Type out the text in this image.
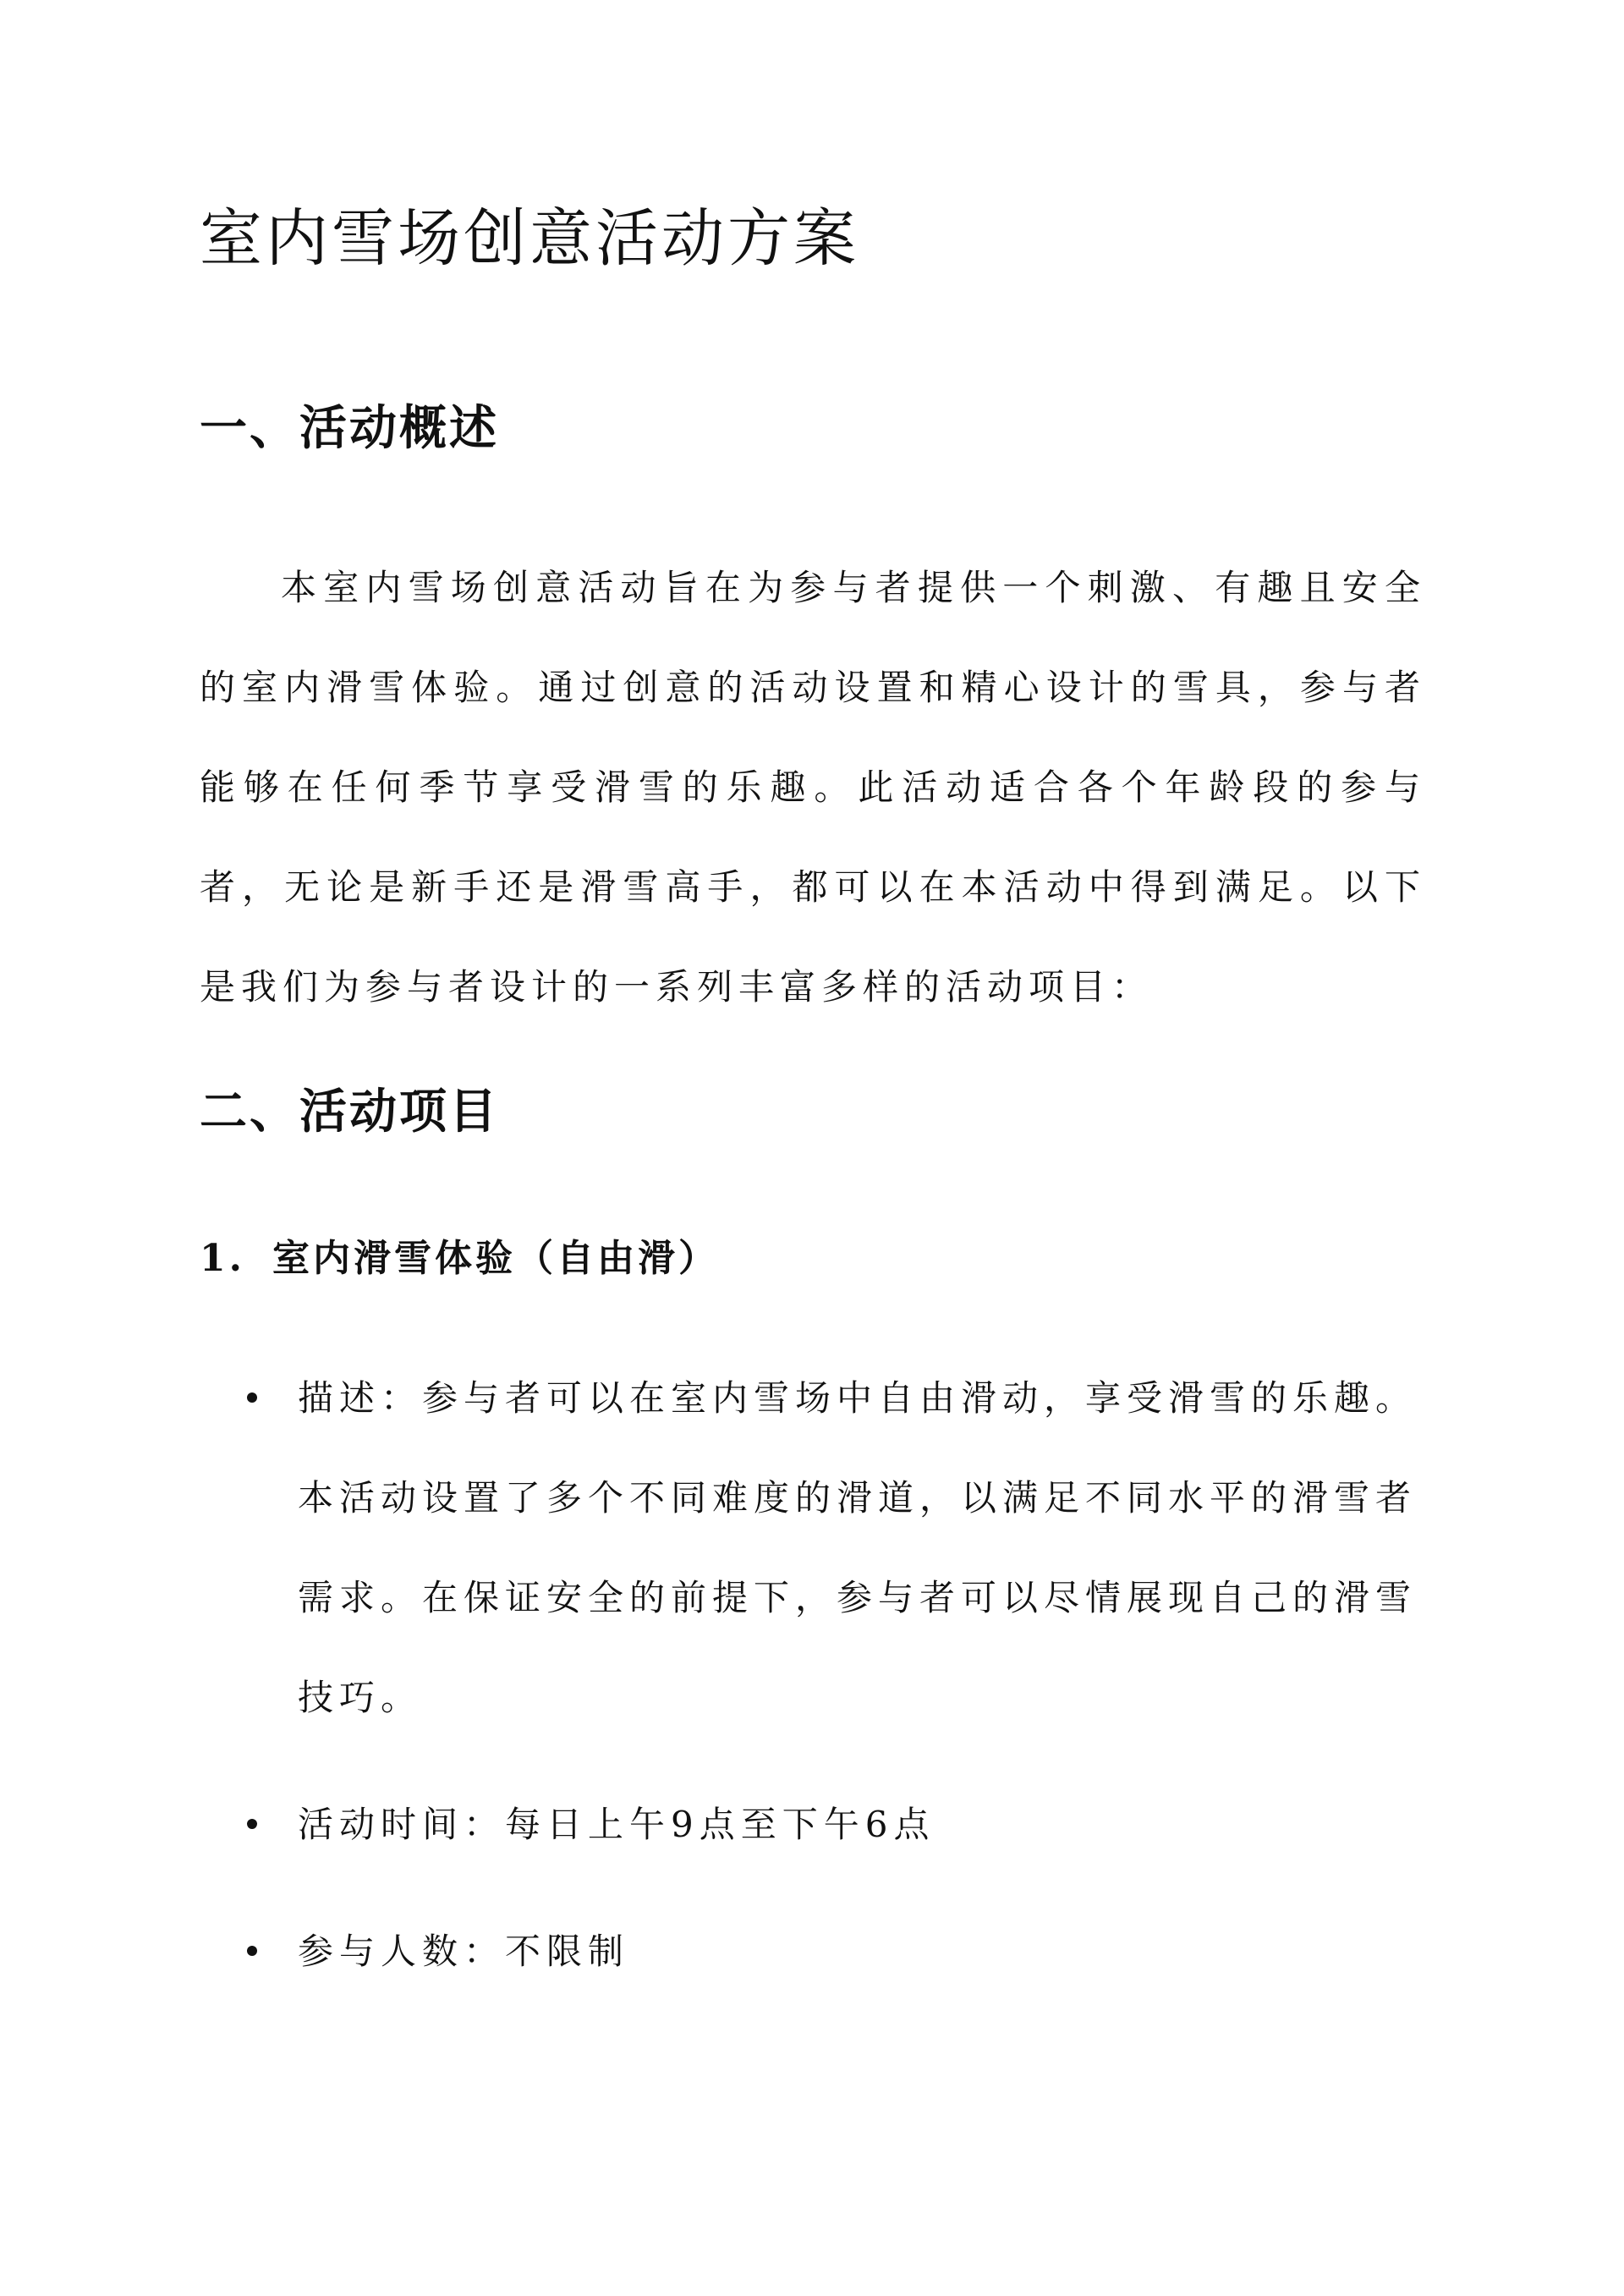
室内雪场创意活动方案
一、活动概述

本室内雪场创意活动旨在为参与者提供一个刺激、有趣且安全的室内滑雪体验。通过创意的活动设置和精心设计的雪具，参与者能够在任何季节享受滑雪的乐趣。此活动适合各个年龄段的参与者，无论是新手还是滑雪高手，都可以在本活动中得到满足。以下是我们为参与者设计的一系列丰富多样的活动项目：

二、活动项目
1. 室内滑雪体验（自由滑）
描述：参与者可以在室内雪场中自由滑动，享受滑雪的乐趣。本活动设置了多个不同难度的滑道，以满足不同水平的滑雪者需求。在保证安全的前提下，参与者可以尽情展现自己的滑雪技巧。
活动时间：每日上午9点至下午6点
参与人数：不限制
